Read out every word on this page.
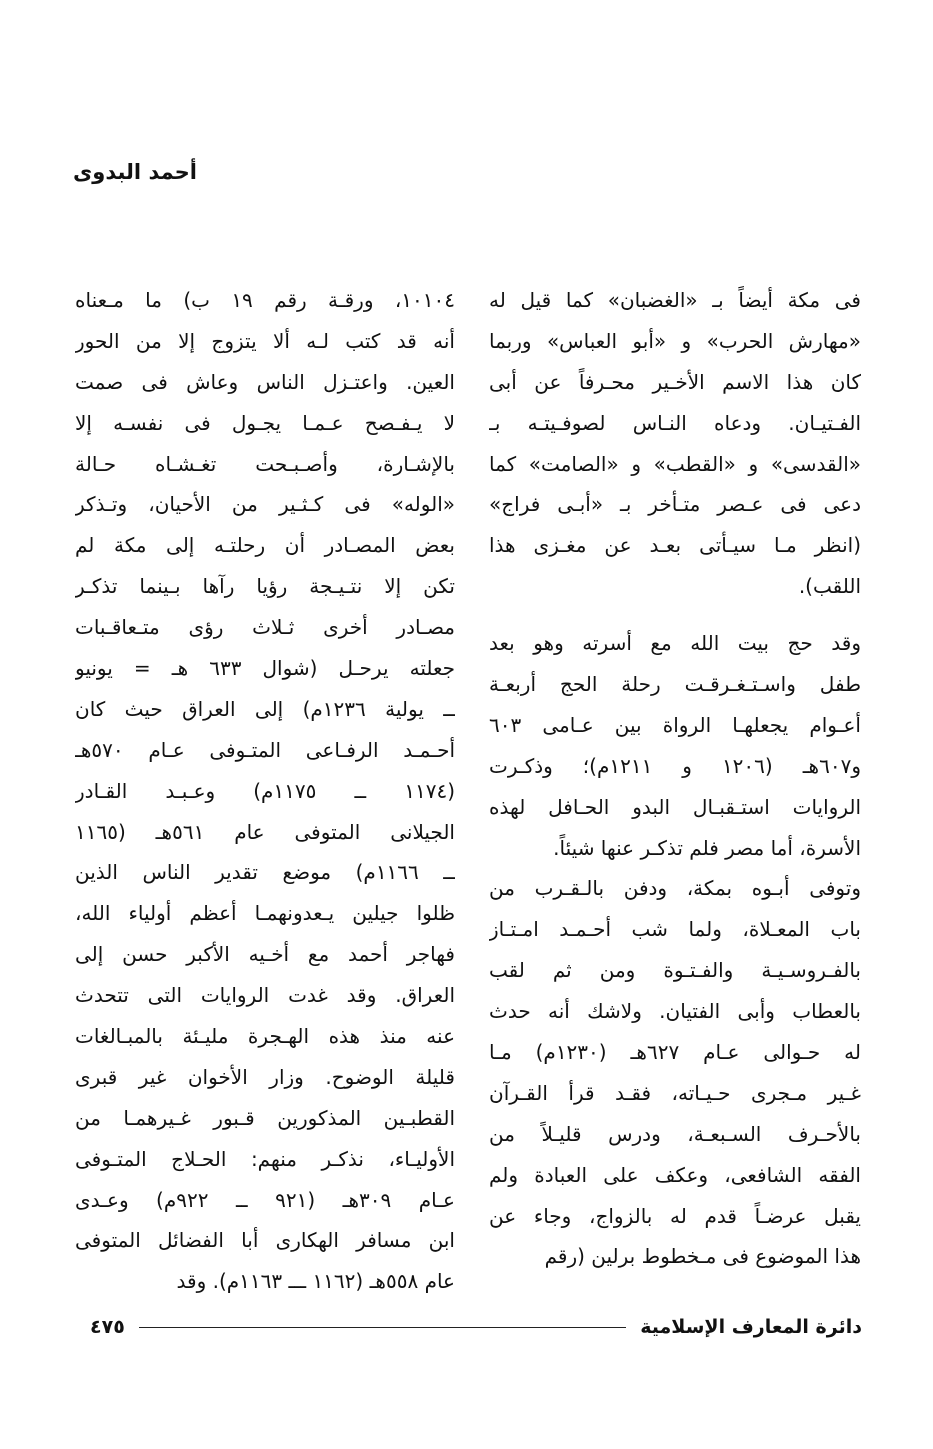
أحمد البدوى
فى مكة أيضاً بـ «الغضبان» كما قيل له
«مهارش الحرب» و «أبو العباس» وربما
كان هذا الاسم الأخـير محـرفاً عن أبى
الفـتيـان. ودعاه النـاس لصوفـيتـه بـ
«القدسى» و «القطب» و «الصامت» كما
دعى فى عـصر متـأخر بـ «أبـى فراج»
(انظر مـا سيـأتى بعـد عن مغـزى هذا
اللقب).
وقد حج بيت الله مع أسرته وهو بعد
طفل واسـتـغـرقـت رحلة الحج أربعـة
أعـوام يجعلهـا الرواة بين عـامى ٦٠٣
و٦٠٧هـ (١٢٠٦ و ١٢١١م)؛ وذكـرت
الروايات استـقبـال البدو الحـافل لهذه
الأسرة، أما مصر فلم تذكـر عنها شيئاً.
وتوفى أبـوه بمكة، ودفن بالـقـرب من
باب المعـلاة، ولما شب أحـمـد امـتـاز
بالفـروسـيـة والفـتـوة ومن ثم لقب
بالعطاب وأبى الفتيان. ولاشك أنه حدث
له حـوالى عـام ٦٢٧هـ (١٢٣٠م) مـا
غـير مـجرى حـيـاته، فقـد قرأ القـرآن
بالأحـرف السـبعـة، ودرس قليـلاً من
الفقه الشافعى، وعكف على العبادة ولم
يقبل عرضـاً قدم له بالزواج، وجاء عن
هذا الموضوع فى مـخطوط برلين (رقم
١٠١٠٤، ورقـة رقم ١٩ ب) ما مـعناه
أنه قد كتب لـه ألا يتزوج إلا من الحور
العين. واعتـزل الناس وعاش فى صمت
لا يـفـصح عـمـا يجـول فى نفسـه إلا
بالإشـارة، وأصـبـحت تغـشـاه حـالة
«الوله» فى كـثـير من الأحيان، وتـذكر
بعض المصـادر أن رحلتـه إلى مكة لم
تكن إلا نتـيـجة رؤيا رآها بـينما تذكـر
مصـادر أخرى ثـلاث رؤى متـعاقـبات
جعلته يرحـل (شوال ٦٣٣ هـ = يونيو
ــ يولية ١٢٣٦م) إلى العراق حيث كان
أحـمـد الرفـاعى المتـوفى عـام ٥٧٠هـ
(١١٧٤ ــ ١١٧٥م) وعـبـد القـادر
الجيلانى المتوفى عام ٥٦١هـ (١١٦٥
ــ ١١٦٦م) موضع تقدير الناس الذين
ظلوا جيلين يـعدونهمـا أعظم أولياء الله،
فهاجر أحمد مع أخـيه الأكبر حسن إلى
العراق. وقد غدت الروايات التى تتحدث
عنه منذ هذه الهـجرة مليـئة بالمبـالغات
قليلة الوضوح. وزار الأخوان غير قبرى
القطبـين المذكورين قـبور غـيرهمـا من
الأوليـاء، نذكـر منهم: الحـلاج المتـوفى
عـام ٣٠٩هـ (٩٢١ ــ ٩٢٢م) وعـدى
ابن مسافر الهكارى أبا الفضائل المتوفى
عام ٥٥٨هـ (١١٦٢ ـــ ١١٦٣م). وقد
٤٧٥	دائرة المعارف الإسلامية
